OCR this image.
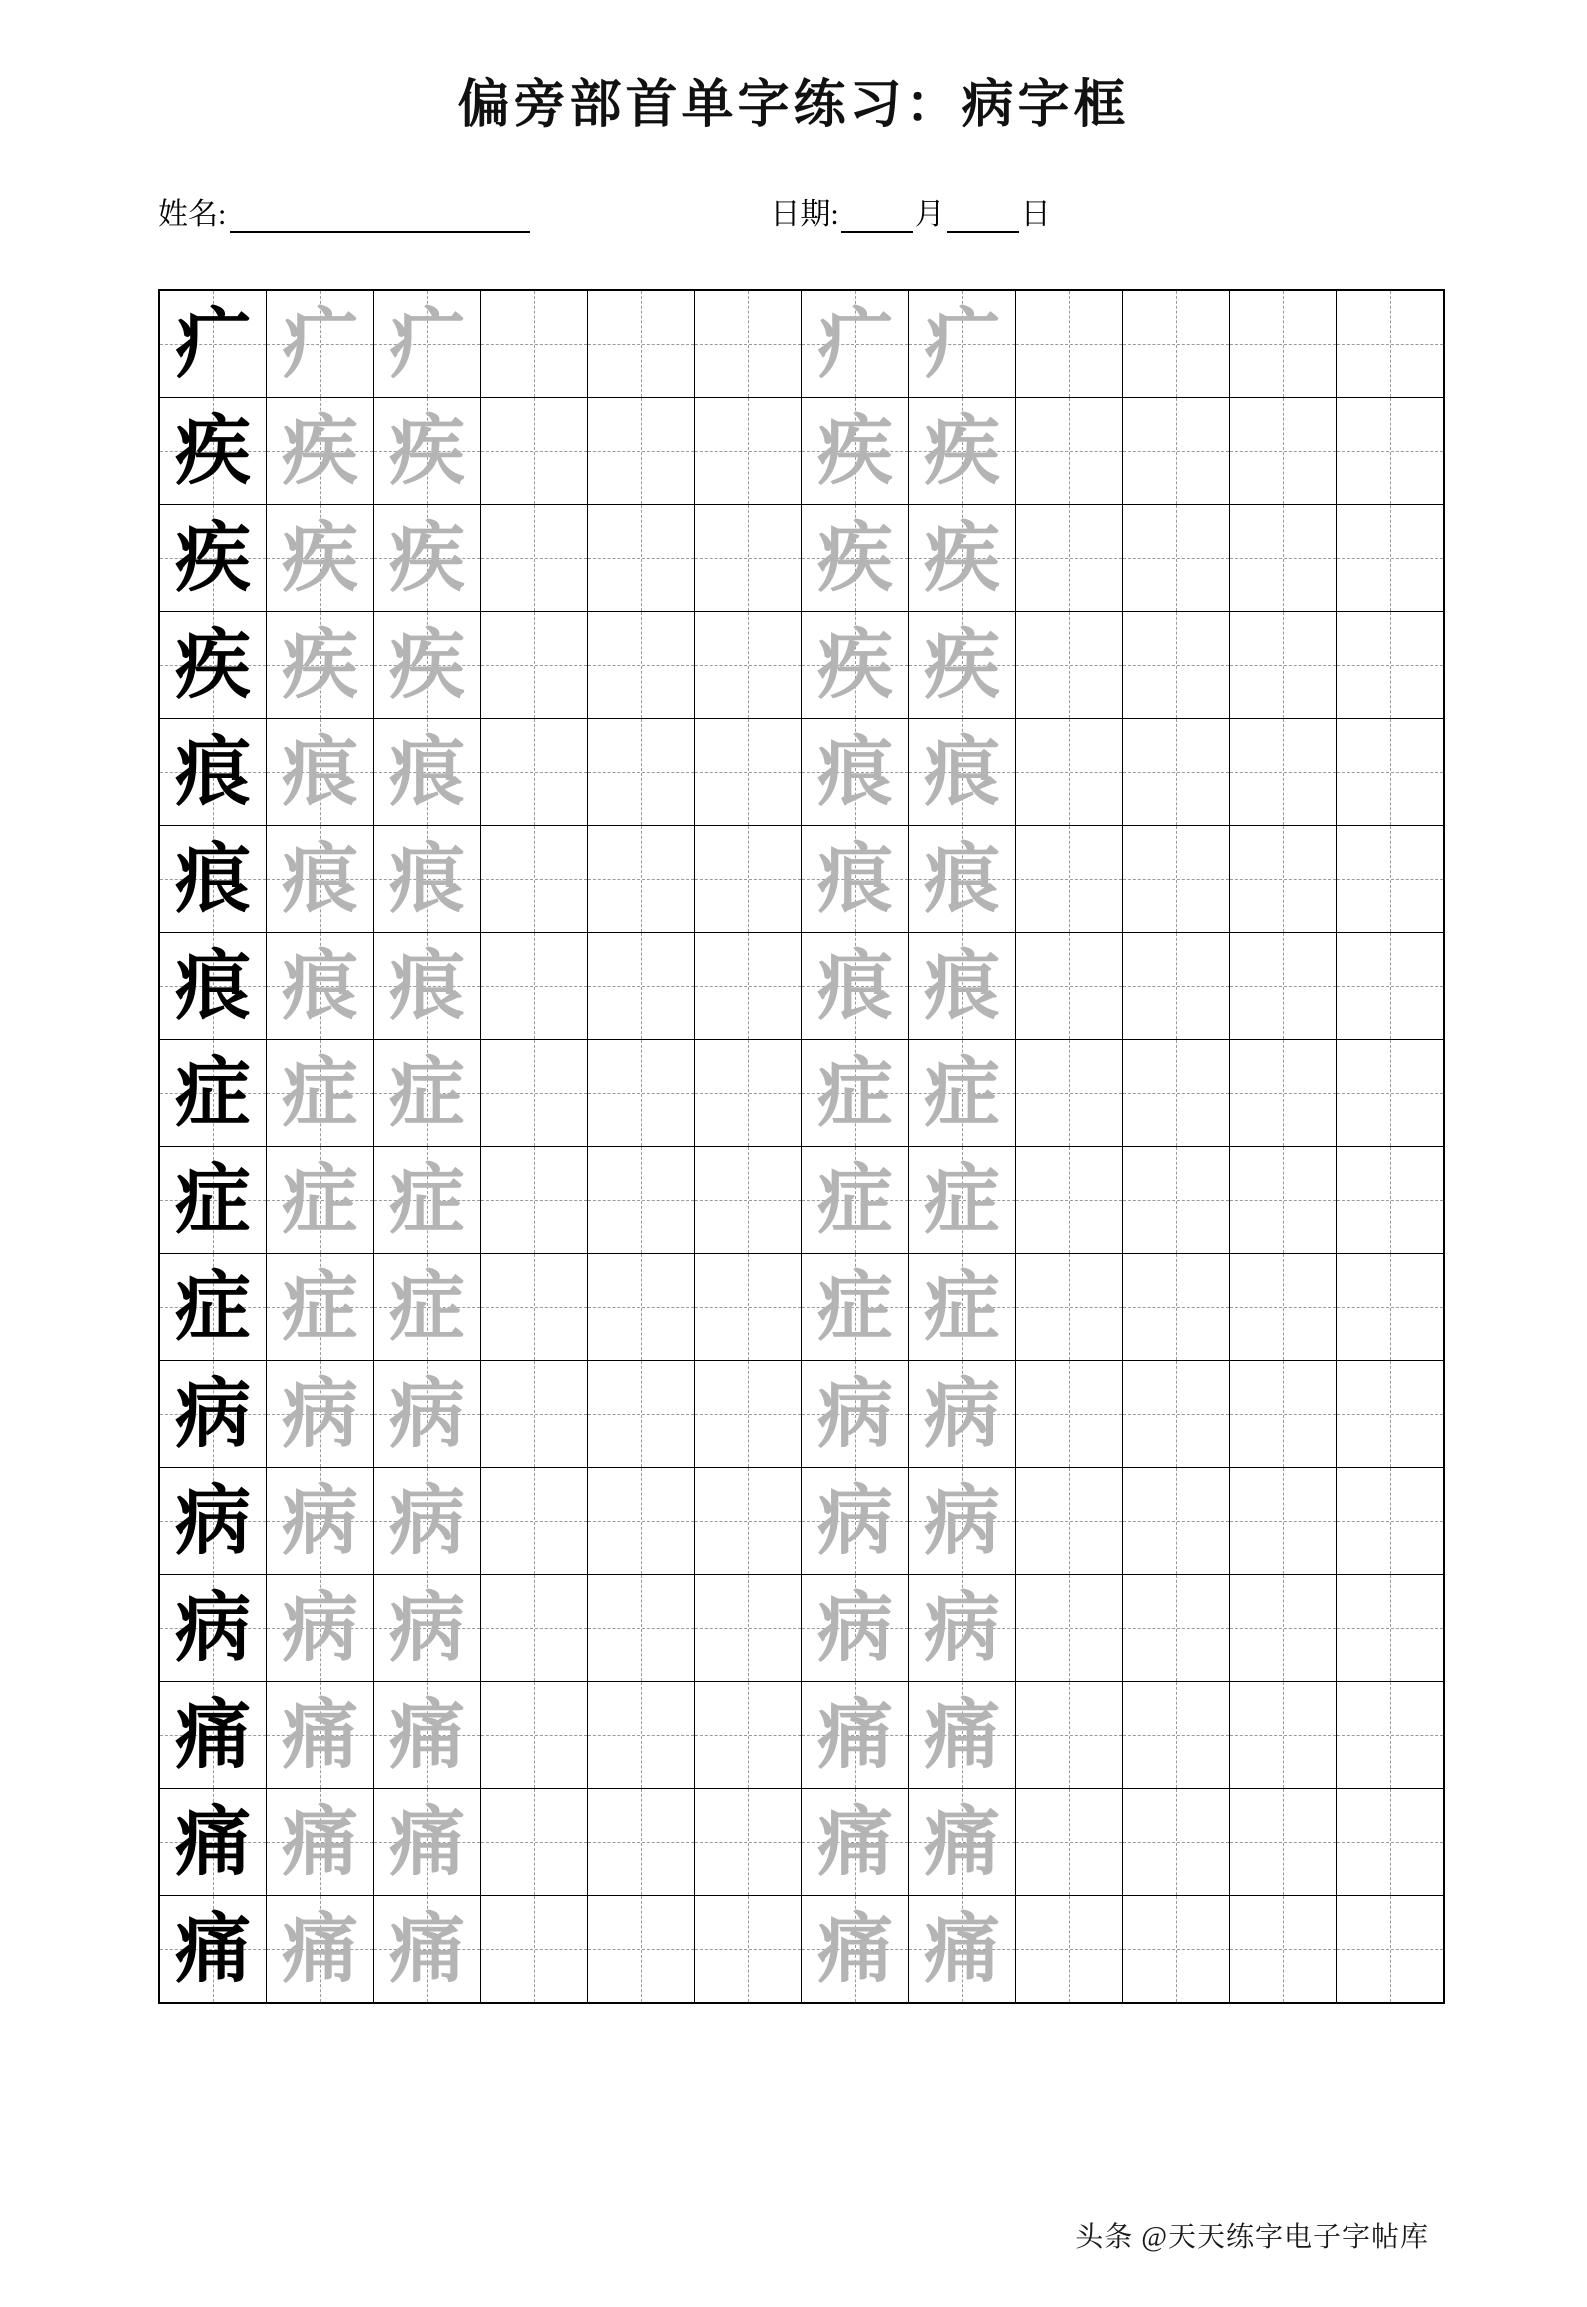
偏旁部首单字练习：病字框
姓名:	日期:	月	日
疒	疒	疒				疒	疒				

疾	疾	疾				疾	疾				

疾	疾	疾				疾	疾				

疾	疾	疾				疾	疾				

痕	痕	痕				痕	痕				

痕	痕	痕				痕	痕				

痕	痕	痕				痕	痕				

症	症	症				症	症				

症	症	症				症	症				

症	症	症				症	症				

病	病	病				病	病				

病	病	病				病	病				

病	病	病				病	病				

痛	痛	痛				痛	痛				

痛	痛	痛				痛	痛				

痛	痛	痛				痛	痛				

头条 @天天练字电子字帖库
